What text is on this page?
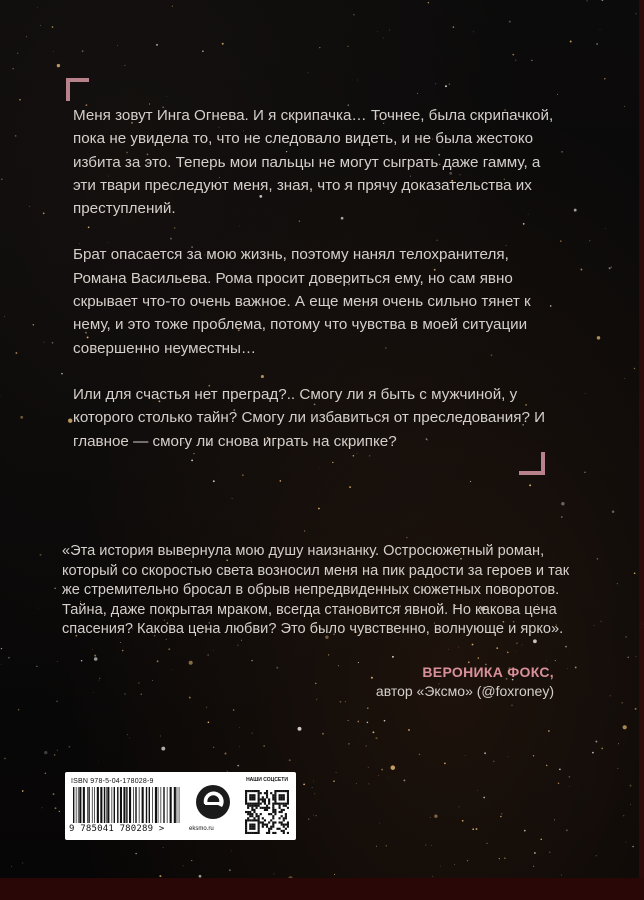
Меня зовут Инга Огнева. И я скрипачка… Точнее, была скрипачкой, пока не увидела то, что не следовало видеть, и не была жестоко избита за это. Теперь мои пальцы не могут сыграть даже гамму, а эти твари преследуют меня, зная, что я прячу доказательства их преступлений.

Брат опасается за мою жизнь, поэтому нанял телохранителя, Романа Васильева. Рома просит довериться ему, но сам явно скрывает что-то очень важное. А еще меня очень сильно тянет к нему, и это тоже проблема, потому что чувства в моей ситуации совершенно неуместны…

Или для счастья нет преград?.. Смогу ли я быть с мужчиной, у которого столько тайн? Смогу ли избавиться от преследования? И главное — смогу ли снова играть на скрипке?

«Эта история вывернула мою душу наизнанку. Остросюжетный роман, который со скоростью света возносил меня на пик радости за героев и так же стремительно бросал в обрыв непредвиденных сюжетных поворотов. Тайна, даже покрытая мраком, всегда становится явной. Но какова цена спасения? Какова цена любви? Это было чувственно, волнующе и ярко».

ВЕРОНИКА ФОКС,
автор «Эксмо» (@foxroney)
ISBN 978-5-04-178028-9
9 785041 780289 >	eksmo.ru
НАШИ СОЦСЕТИ
